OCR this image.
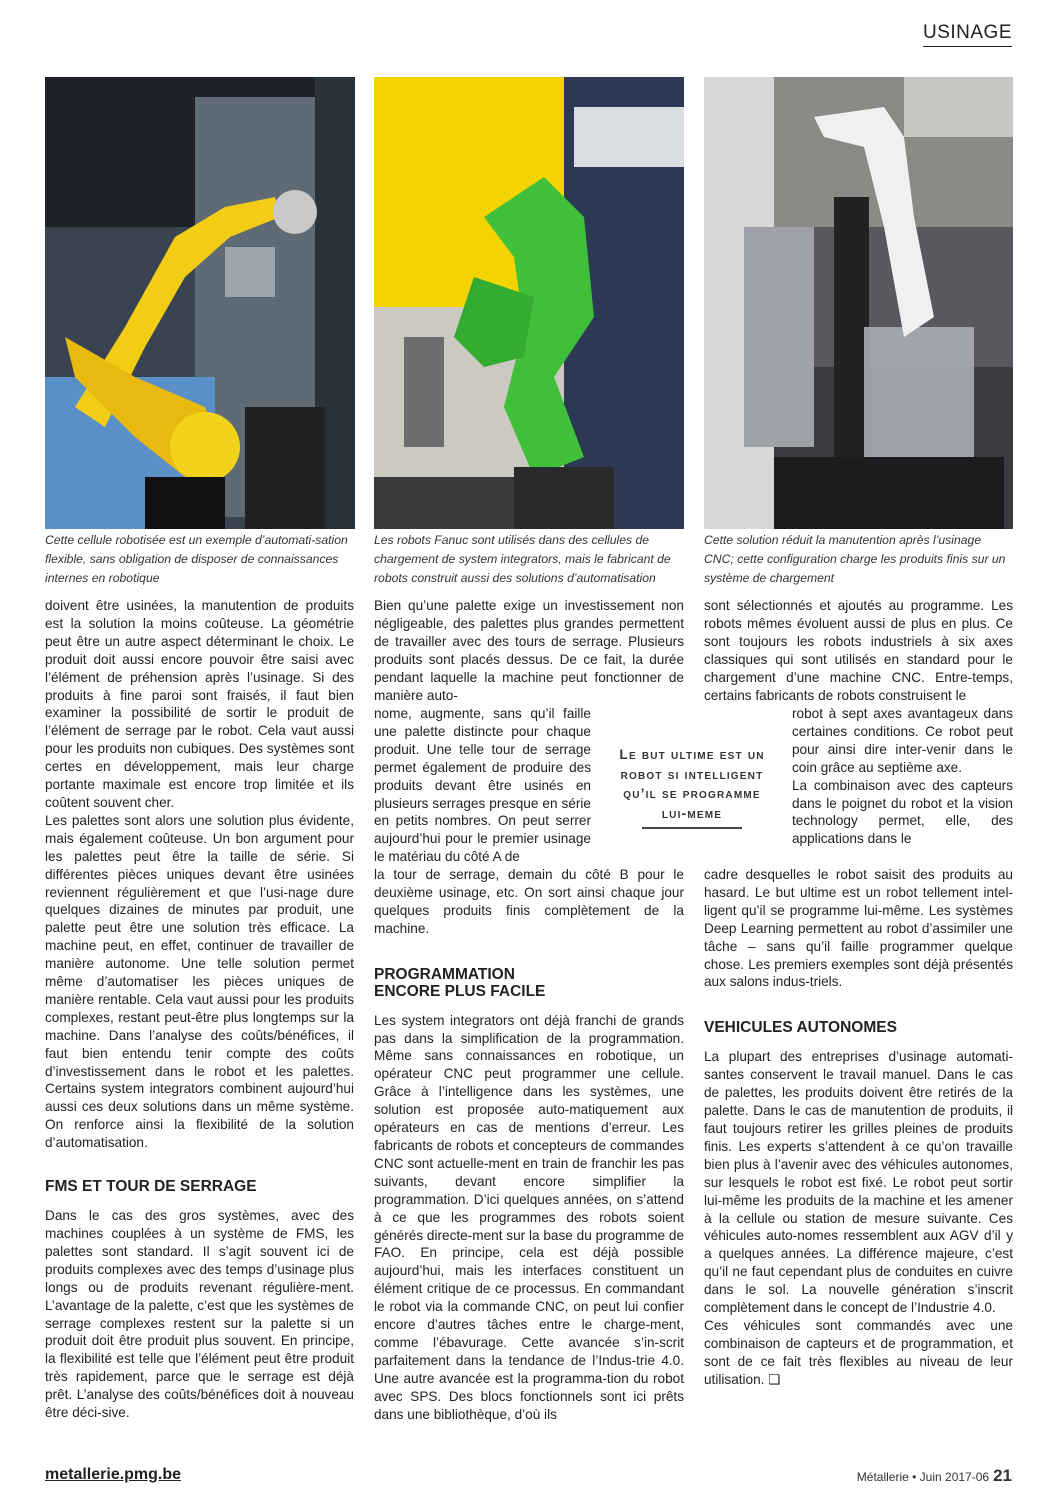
USINAGE
Cette cellule robotisée est un exemple d’automati-sation flexible, sans obligation de disposer de connaissances internes en robotique
Les robots Fanuc sont utilisés dans des cellules de chargement de system integrators, mais le fabricant de robots construit aussi des solutions d’automatisation
Cette solution réduit la manutention après l’usinage CNC; cette configuration charge les produits finis sur un système de chargement

doivent être usinées, la manutention de produits est la solution la moins coûteuse. La géométrie peut être un autre aspect déterminant le choix. Le produit doit aussi encore pouvoir être saisi avec l’élément de préhension après l’usinage. Si des produits à fine paroi sont fraisés, il faut bien examiner la possibilité de sortir le produit de l’élément de serrage par le robot. Cela vaut aussi pour les produits non cubiques. Des systèmes sont certes en développement, mais leur charge portante maximale est encore trop limitée et ils coûtent souvent cher.

Les palettes sont alors une solution plus évidente, mais également coûteuse. Un bon argument pour les palettes peut être la taille de série. Si différentes pièces uniques devant être usinées reviennent régulièrement et que l’usi-nage dure quelques dizaines de minutes par produit, une palette peut être une solution très efficace. La machine peut, en effet, continuer de travailler de manière autonome. Une telle solution permet même d’automatiser les pièces uniques de manière rentable. Cela vaut aussi pour les produits complexes, restant peut-être plus longtemps sur la machine. Dans l’analyse des coûts/bénéfices, il faut bien entendu tenir compte des coûts d’investissement dans le robot et les palettes. Certains system integrators combinent aujourd’hui aussi ces deux solutions dans un même système. On renforce ainsi la flexibilité de la solution d’automatisation.

FMS ET TOUR DE SERRAGE

Dans le cas des gros systèmes, avec des machines couplées à un système de FMS, les palettes sont standard. Il s’agit souvent ici de produits complexes avec des temps d’usinage plus longs ou de produits revenant régulière-ment. L’avantage de la palette, c’est que les systèmes de serrage complexes restent sur la palette si un produit doit être produit plus souvent. En principe, la flexibilité est telle que l’élément peut être produit très rapidement, parce que le serrage est déjà prêt. L’analyse des coûts/bénéfices doit à nouveau être déci-sive.

Bien qu’une palette exige un investissement non négligeable, des palettes plus grandes permettent de travailler avec des tours de serrage. Plusieurs produits sont placés dessus. De ce fait, la durée pendant laquelle la machine peut fonctionner de manière auto-

nome, augmente, sans qu’il faille une palette distincte pour chaque produit. Une telle tour de serrage permet également de produire des produits devant être usinés en plusieurs serrages presque en série en petits nombres. On peut serrer aujourd’hui pour le premier usinage le matériau du côté A de

la tour de serrage, demain du côté B pour le deuxième usinage, etc. On sort ainsi chaque jour quelques produits finis complètement de la machine.

PROGRAMMATION
ENCORE PLUS FACILE

Les system integrators ont déjà franchi de grands pas dans la simplification de la programmation. Même sans connaissances en robotique, un opérateur CNC peut programmer une cellule. Grâce à l’intelligence dans les systèmes, une solution est proposée auto-matiquement aux opérateurs en cas de mentions d’erreur. Les fabricants de robots et concepteurs de commandes CNC sont actuelle-ment en train de franchir les pas suivants, devant encore simplifier la programmation. D’ici quelques années, on s’attend à ce que les programmes des robots soient générés directe-ment sur la base du programme de FAO. En principe, cela est déjà possible aujourd’hui, mais les interfaces constituent un élément critique de ce processus. En commandant le robot via la commande CNC, on peut lui confier encore d’autres tâches entre le charge-ment, comme l’ébavurage. Cette avancée s’in-scrit parfaitement dans la tendance de l’Indus-trie 4.0. Une autre avancée est la programma-tion du robot avec SPS. Des blocs fonctionnels sont ici prêts dans une bibliothèque, d’où ils

Le but ultime est un robot si intelligent qu’il se programme lui-meme

sont sélectionnés et ajoutés au programme. Les robots mêmes évoluent aussi de plus en plus. Ce sont toujours les robots industriels à six axes classiques qui sont utilisés en standard pour le chargement d’une machine CNC. Entre-temps, certains fabricants de robots construisent le

robot à sept axes avantageux dans certaines conditions. Ce robot peut pour ainsi dire inter-venir dans le coin grâce au septième axe.

La combinaison avec des capteurs dans le poignet du robot et la vision technology permet, elle, des applications dans le

cadre desquelles le robot saisit des produits au hasard. Le but ultime est un robot tellement intel-ligent qu’il se programme lui-même. Les systèmes Deep Learning permettent au robot d’assimiler une tâche – sans qu’il faille programmer quelque chose. Les premiers exemples sont déjà présentés aux salons indus-triels.

VEHICULES AUTONOMES

La plupart des entreprises d’usinage automati-santes conservent le travail manuel. Dans le cas de palettes, les produits doivent être retirés de la palette. Dans le cas de manutention de produits, il faut toujours retirer les grilles pleines de produits finis. Les experts s’attendent à ce qu’on travaille bien plus à l’avenir avec des véhicules autonomes, sur lesquels le robot est fixé. Le robot peut sortir lui-même les produits de la machine et les amener à la cellule ou station de mesure suivante. Ces véhicules auto-nomes ressemblent aux AGV d’il y a quelques années. La différence majeure, c’est qu’il ne faut cependant plus de conduites en cuivre dans le sol. La nouvelle génération s’inscrit complètement dans le concept de l’Industrie 4.0.

Ces véhicules sont commandés avec une combinaison de capteurs et de programmation, et sont de ce fait très flexibles au niveau de leur utilisation. ❑

metallerie.pmg.be	Métallerie • Juin 2017-06 21
